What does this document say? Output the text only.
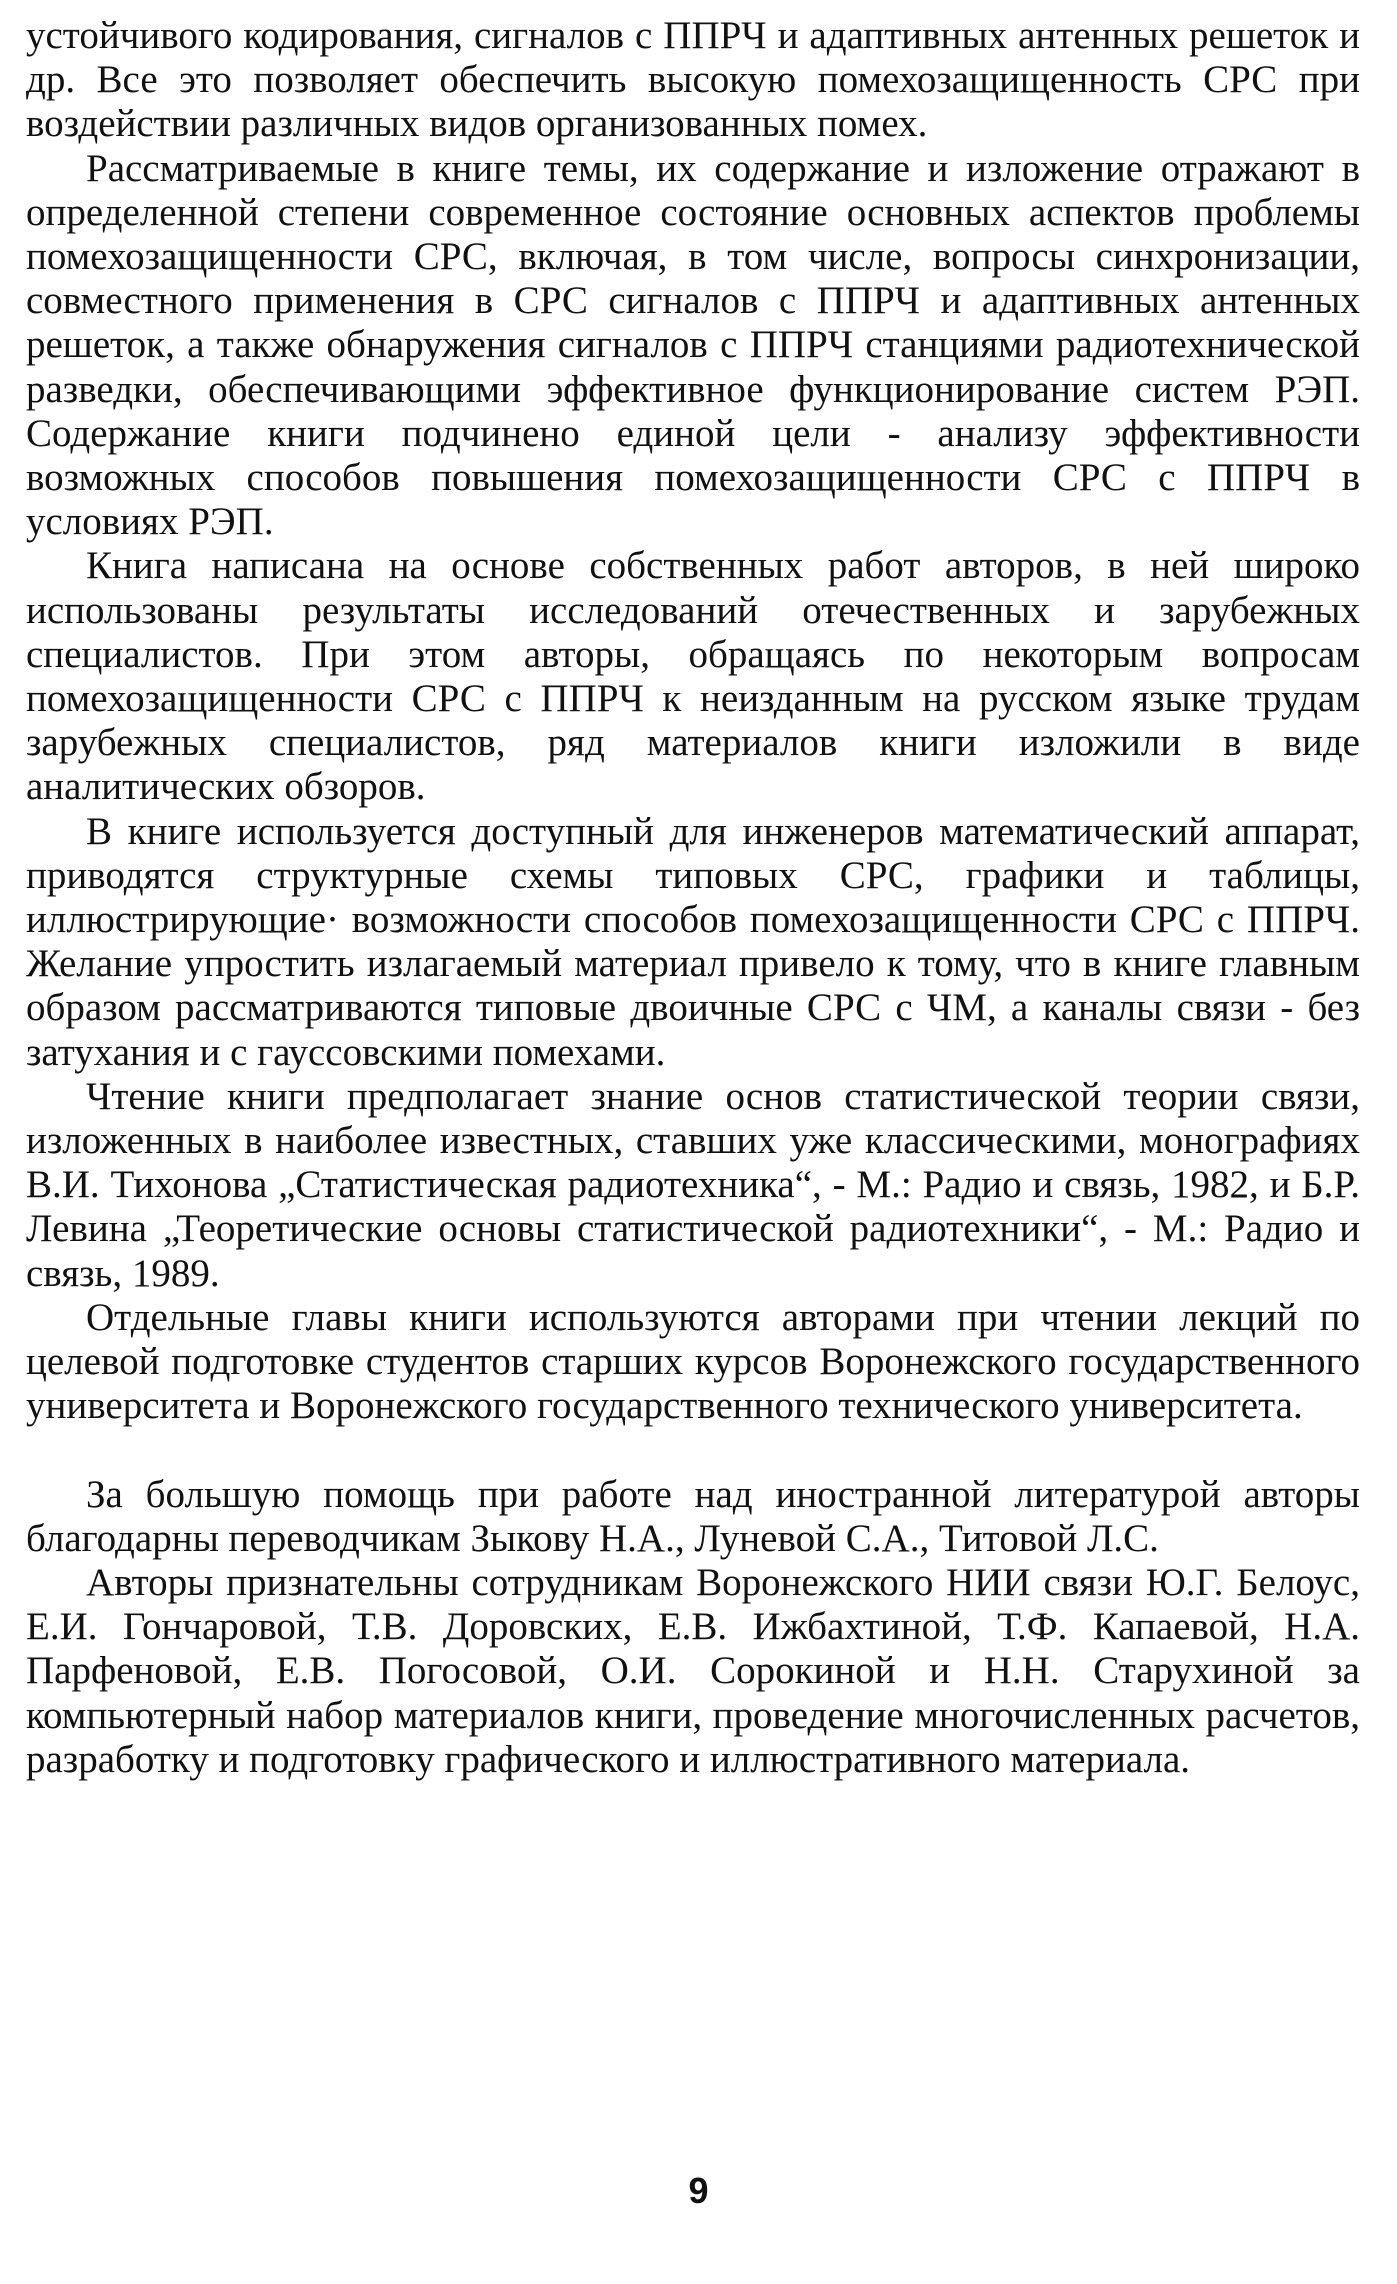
устойчивого кодирования, сигналов с ППРЧ и адаптивных антенных решеток и др. Все это позволяет обеспечить высокую помехозащищенность СРС при воздействии различных видов организованных помех.

Рассматриваемые в книге темы, их содержание и изложение отражают в определенной степени современное состояние основных аспектов проблемы помехозащищенности СРС, включая, в том числе, вопросы синхронизации, совместного применения в СРС сигналов с ППРЧ и адаптивных антенных решеток, а также обнаружения сигналов с ППРЧ станциями радиотехнической разведки, обеспечивающими эффективное функционирование систем РЭП. Содержание книги подчинено единой цели - анализу эффективности возможных способов повышения помехозащищенности СРС с ППРЧ в условиях РЭП.

Книга написана на основе собственных работ авторов, в ней широко использованы результаты исследований отечественных и зарубежных специалистов. При этом авторы, обращаясь по некоторым вопросам помехозащищенности СРС с ППРЧ к неизданным на русском языке трудам зарубежных специалистов, ряд материалов книги изложили в виде аналитических обзоров.

В книге используется доступный для инженеров математический аппарат, приводятся структурные схемы типовых СРС, графики и таблицы, иллюстрирующие· возможности способов помехозащищенности СРС с ППРЧ. Желание упростить излагаемый материал привело к тому, что в книге главным образом рассматриваются типовые двоичные СРС с ЧМ, а каналы связи - без затухания и с гауссовскими помехами.

Чтение книги предполагает знание основ статистической теории связи, изложенных в наиболее известных, ставших уже классическими, монографиях В.И. Тихонова „Статистическая радиотехника“, - М.: Радио и связь, 1982, и Б.Р. Левина „Теоретические основы статистической радиотехники“, - М.: Радио и связь, 1989.

Отдельные главы книги используются авторами при чтении лекций по целевой подготовке студентов старших курсов Воронежского государственного университета и Воронежского государственного технического университета.

За большую помощь при работе над иностранной литературой авторы благодарны переводчикам Зыкову Н.А., Луневой С.А., Титовой Л.С.

Авторы признательны сотрудникам Воронежского НИИ связи Ю.Г. Белоус, Е.И. Гончаровой, Т.В. Доровских, Е.В. Ижбахтиной, Т.Ф. Капаевой, Н.А. Парфеновой, Е.В. Погосовой, О.И. Сорокиной и Н.Н. Старухиной за компьютерный набор материалов книги, проведение многочисленных расчетов, разработку и подготовку графического и иллюстративного материала.

9
